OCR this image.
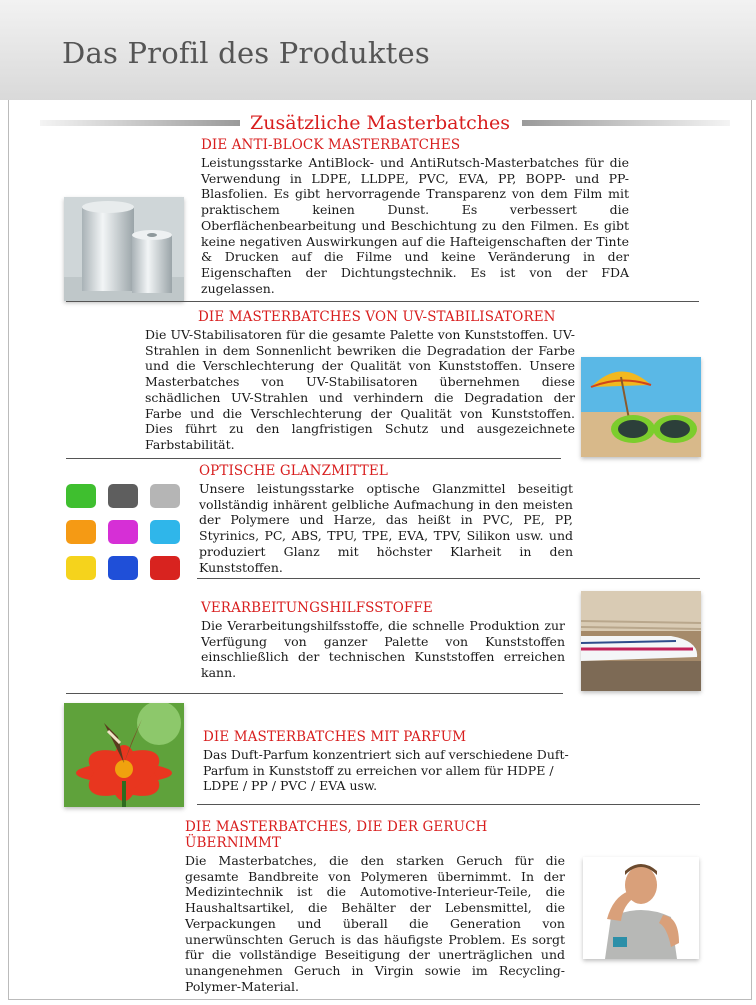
Das Profil des Produktes
Zusätzliche Masterbatches
DIE ANTI-BLOCK MASTERBATCHES

Leistungsstarke AntiBlock- und AntiRutsch-Masterbatches für die Verwendung in LDPE, LLDPE, PVC, EVA, PP, BOPP- und PP-Blasfolien. Es gibt hervorragende Transparenz von dem Film mit praktischem keinen Dunst. Es verbessert die Oberflächenbearbeitung und Beschichtung zu den Filmen. Es gibt keine negativen Auswirkungen auf die Hafteigenschaften der Tinte & Drucken auf die Filme und keine Veränderung in der Eigenschaften der Dichtungstechnik. Es ist von der FDA zugelassen.

DIE MASTERBATCHES VON UV-STABILISATOREN

Die UV-Stabilisatoren für die gesamte Palette von Kunststoffen. UV-Strahlen in dem Sonnenlicht bewriken die Degradation der Farbe und die Verschlechterung der Qualität von Kunststoffen. Unsere Masterbatches von UV-Stabilisatoren übernehmen diese schädlichen UV-Strahlen und verhindern die Degradation der Farbe und die Verschlechterung der Qualität von Kunststoffen. Dies führt zu den langfristigen Schutz und ausgezeichnete Farbstabilität.

OPTISCHE GLANZMITTEL

Unsere leistungsstarke optische Glanzmittel beseitigt vollständig inhärent gelbliche Aufmachung in den meisten der Polymere und Harze, das heißt in PVC, PE, PP, Styrinics, PC, ABS, TPU, TPE, EVA, TPV, Silikon usw. und produziert Glanz mit höchster Klarheit in den Kunststoffen.

VERARBEITUNGSHILFSSTOFFE

Die Verarbeitungshilfsstoffe, die schnelle Produktion zur Verfügung von ganzer Palette von Kunststoffen einschließlich der technischen Kunststoffen erreichen kann.

DIE MASTERBATCHES MIT PARFUM

Das Duft-Parfum konzentriert sich auf verschiedene Duft-Parfum in Kunststoff zu erreichen vor allem für HDPE / LDPE / PP / PVC / EVA usw.

DIE MASTERBATCHES, DIE DER GERUCH ÜBERNIMMT

Die Masterbatches, die den starken Geruch für die gesamte Bandbreite von Polymeren übernimmt. In der Medizintechnik ist die Automotive-Interieur-Teile, die Haushaltsartikel, die Behälter der Lebensmittel, die Verpackungen und überall die Generation von unerwünschten Geruch is das häufigste Problem. Es sorgt für die vollständige Beseitigung der unerträglichen und unangenehmen Geruch in Virgin sowie im Recycling-Polymer-Material.
